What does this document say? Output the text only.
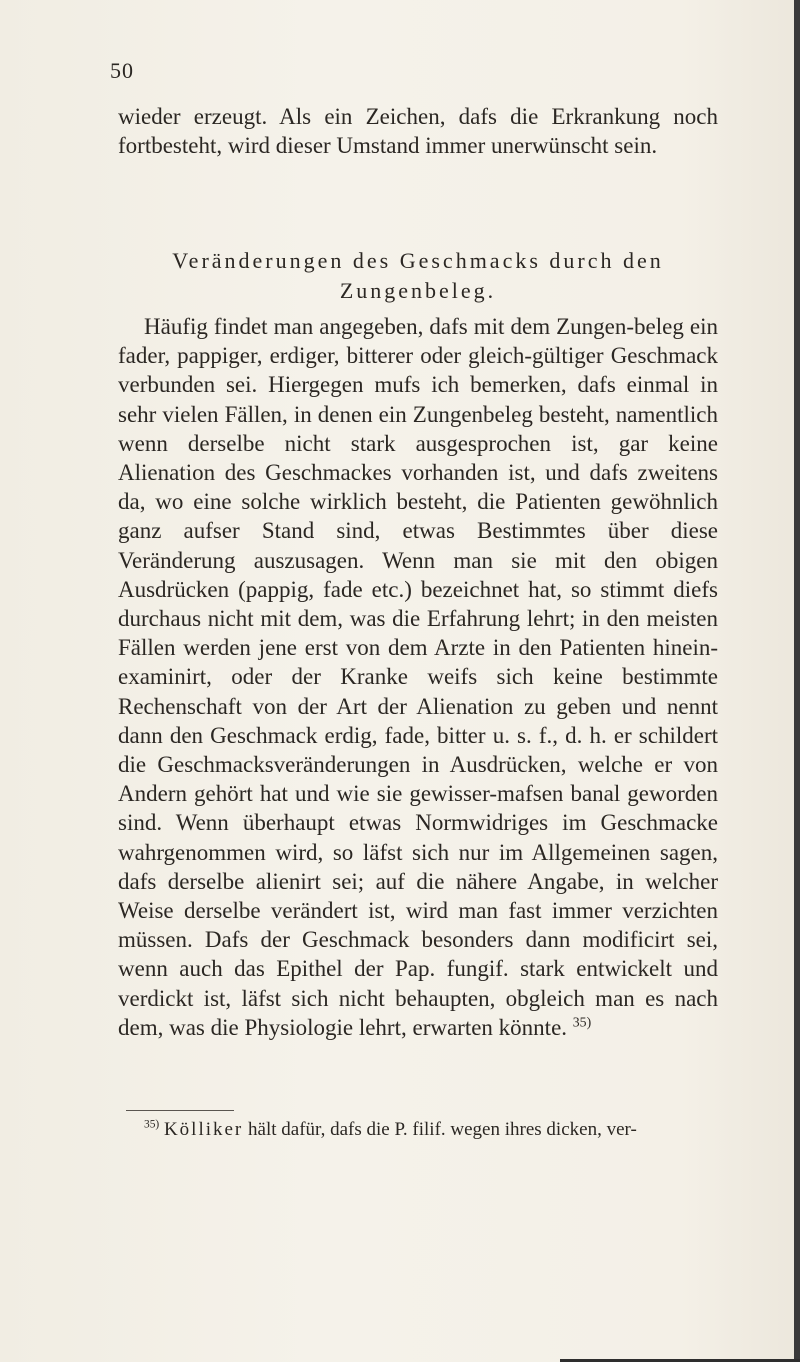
50
wieder erzeugt. Als ein Zeichen, dafs die Erkrankung noch fortbesteht, wird dieser Umstand immer unerwünscht sein.
Veränderungen des Geschmacks durch den
Zungenbeleg.
Häufig findet man angegeben, dafs mit dem Zungen-beleg ein fader, pappiger, erdiger, bitterer oder gleich-gültiger Geschmack verbunden sei. Hiergegen mufs ich bemerken, dafs einmal in sehr vielen Fällen, in denen ein Zungenbeleg besteht, namentlich wenn derselbe nicht stark ausgesprochen ist, gar keine Alienation des Geschmackes vorhanden ist, und dafs zweitens da, wo eine solche wirklich besteht, die Patienten gewöhnlich ganz aufser Stand sind, etwas Bestimmtes über diese Veränderung auszusagen. Wenn man sie mit den obigen Ausdrücken (pappig, fade etc.) bezeichnet hat, so stimmt diefs durchaus nicht mit dem, was die Erfahrung lehrt; in den meisten Fällen werden jene erst von dem Arzte in den Patienten hinein-examinirt, oder der Kranke weifs sich keine bestimmte Rechenschaft von der Art der Alienation zu geben und nennt dann den Geschmack erdig, fade, bitter u. s. f., d. h. er schildert die Geschmacksveränderungen in Ausdrücken, welche er von Andern gehört hat und wie sie gewisser-mafsen banal geworden sind. Wenn überhaupt etwas Normwidriges im Geschmacke wahrgenommen wird, so läfst sich nur im Allgemeinen sagen, dafs derselbe alienirt sei; auf die nähere Angabe, in welcher Weise derselbe verändert ist, wird man fast immer verzichten müssen. Dafs der Geschmack besonders dann modificirt sei, wenn auch das Epithel der Pap. fungif. stark entwickelt und verdickt ist, läfst sich nicht behaupten, obgleich man es nach dem, was die Physiologie lehrt, erwarten könnte. $^{35)}$
$^{35)}$ Kölliker hält dafür, dafs die P. filif. wegen ihres dicken, ver-
